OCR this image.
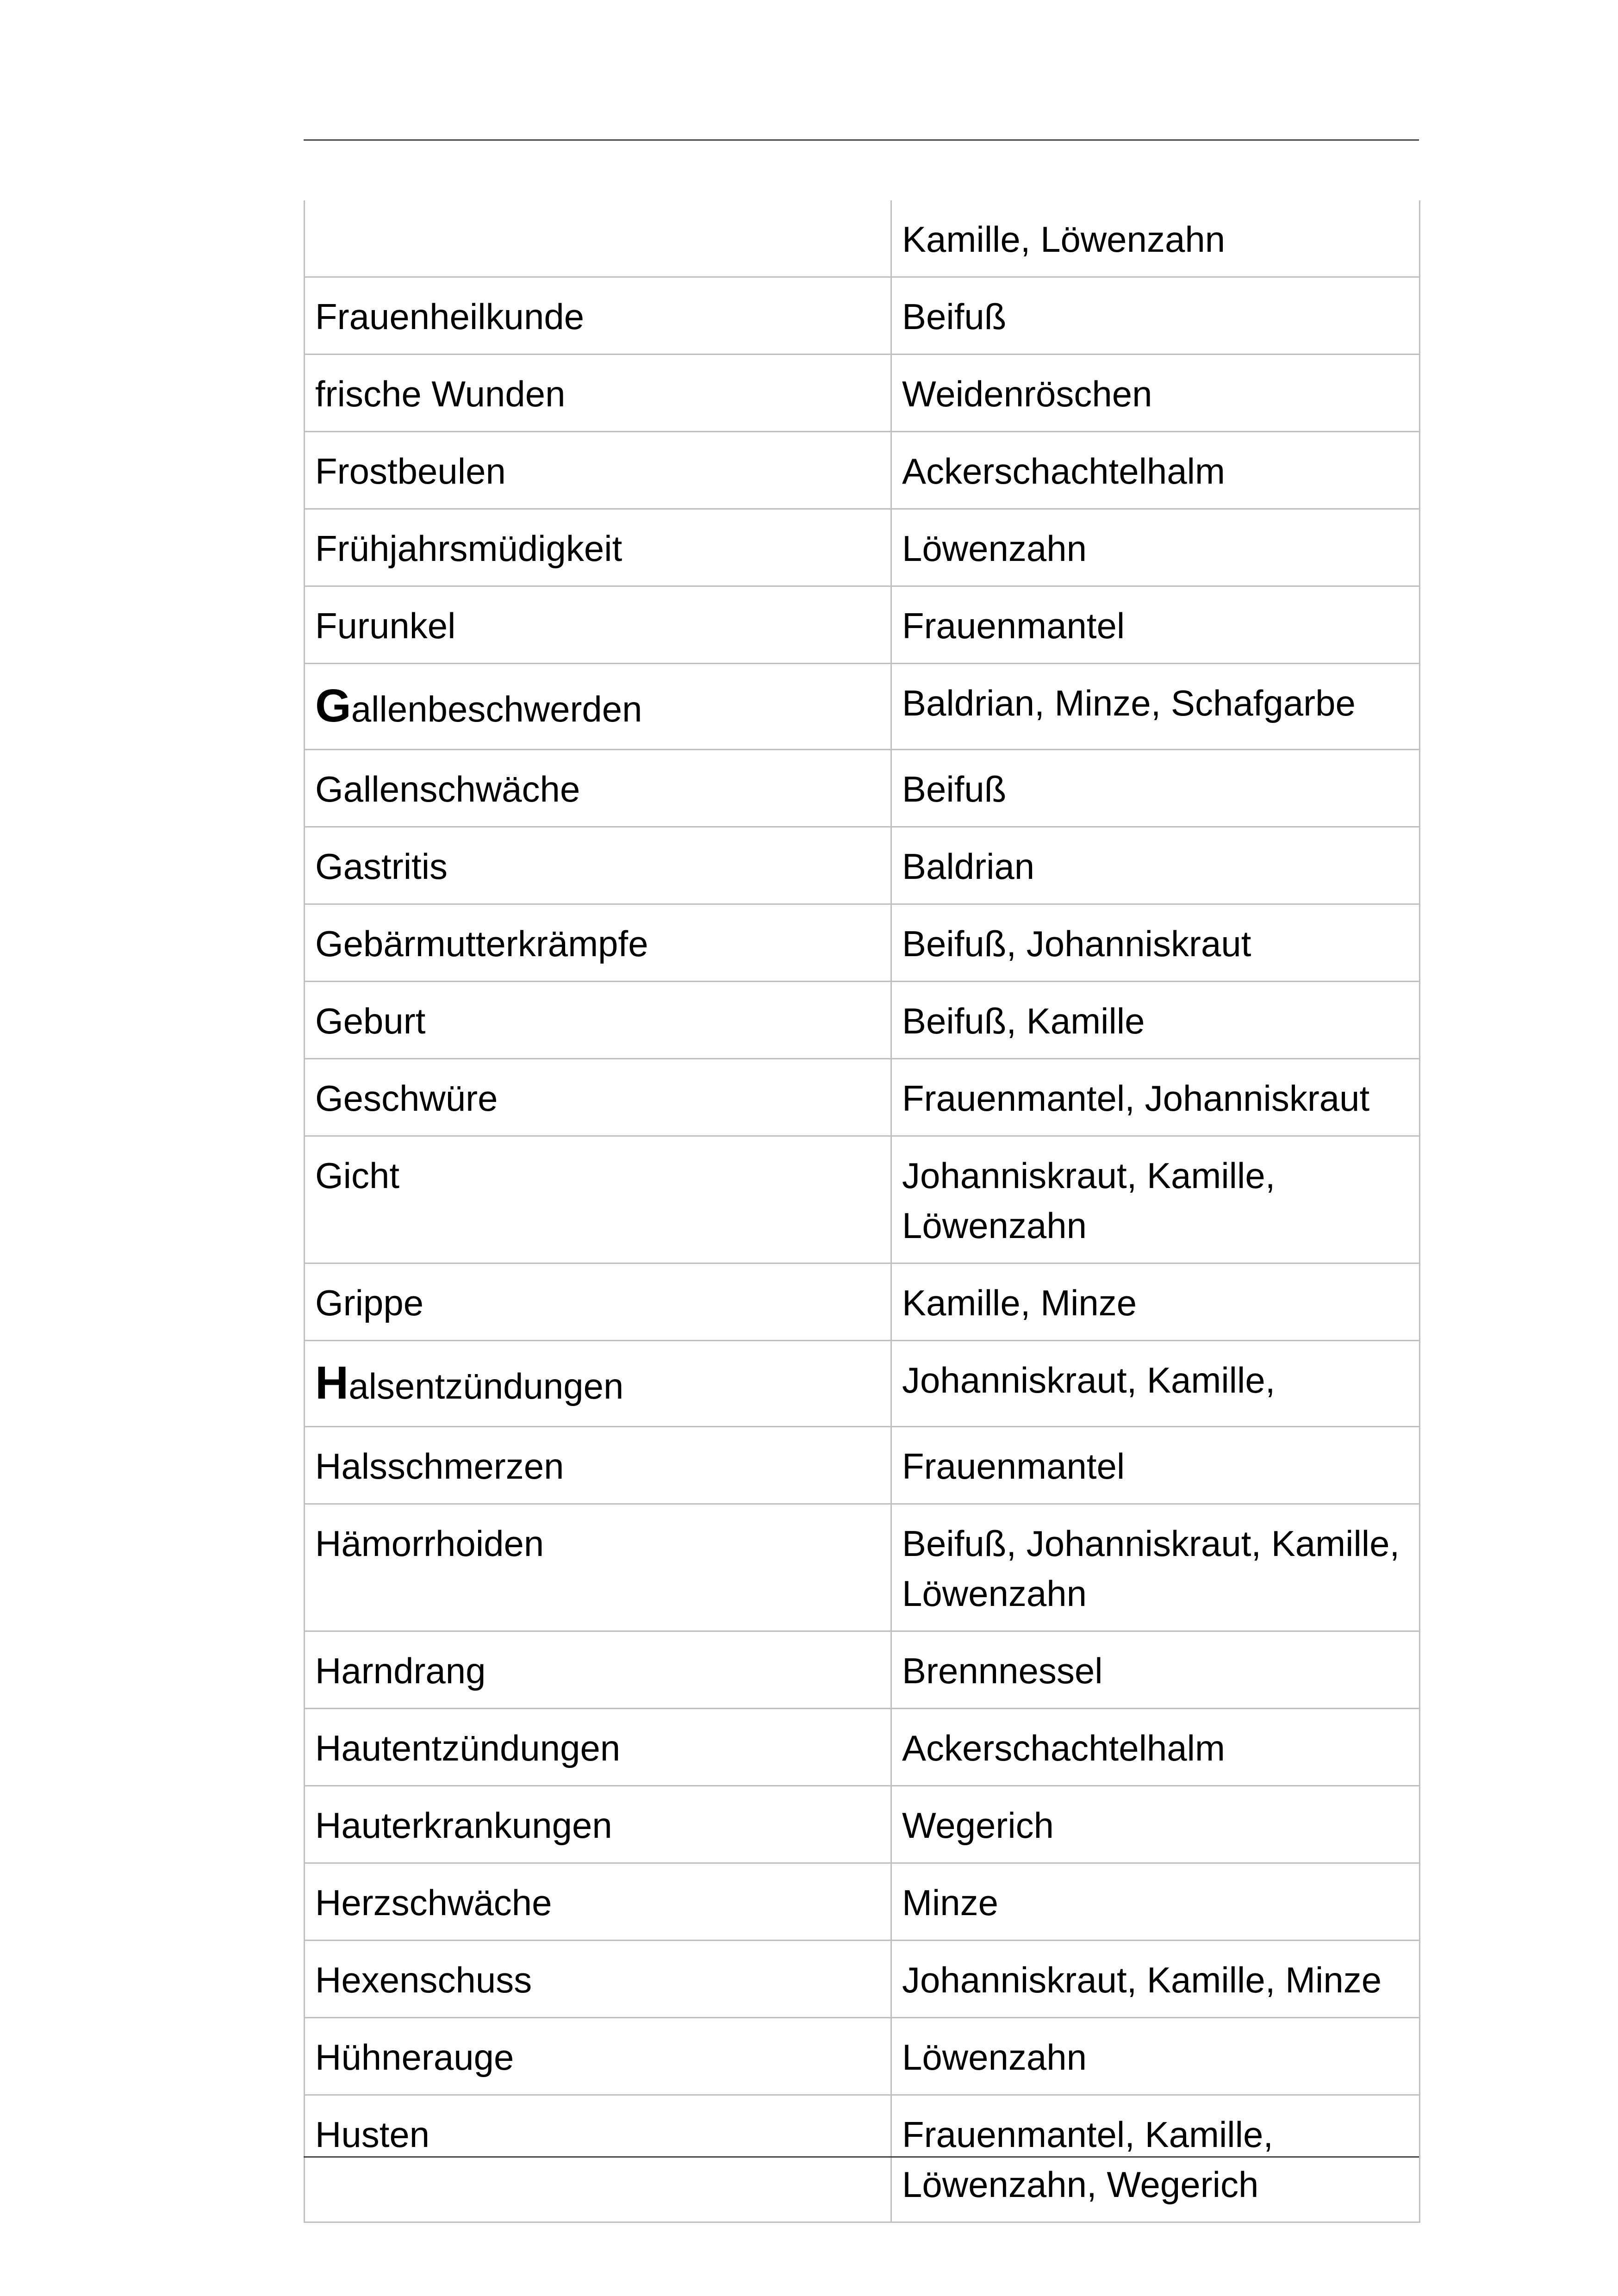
	Kamille, Löwenzahn
Frauenheilkunde	Beifuß
frische Wunden	Weidenröschen
Frostbeulen	Ackerschachtelhalm
Frühjahrsmüdigkeit	Löwenzahn
Furunkel	Frauenmantel
Gallenbeschwerden	Baldrian, Minze, Schafgarbe
Gallenschwäche	Beifuß
Gastritis	Baldrian
Gebärmutterkrämpfe	Beifuß, Johanniskraut
Geburt	Beifuß, Kamille
Geschwüre	Frauenmantel, Johanniskraut
Gicht	Johanniskraut, Kamille, Löwenzahn
Grippe	Kamille, Minze
Halsentzündungen	Johanniskraut, Kamille,
Halsschmerzen	Frauenmantel
Hämorrhoiden	Beifuß, Johanniskraut, Kamille, Löwenzahn
Harndrang	Brennnessel
Hautentzündungen	Ackerschachtelhalm
Hauterkrankungen	Wegerich
Herzschwäche	Minze
Hexenschuss	Johanniskraut, Kamille, Minze
Hühnerauge	Löwenzahn
Husten	Frauenmantel, Kamille, Löwenzahn, Wegerich
